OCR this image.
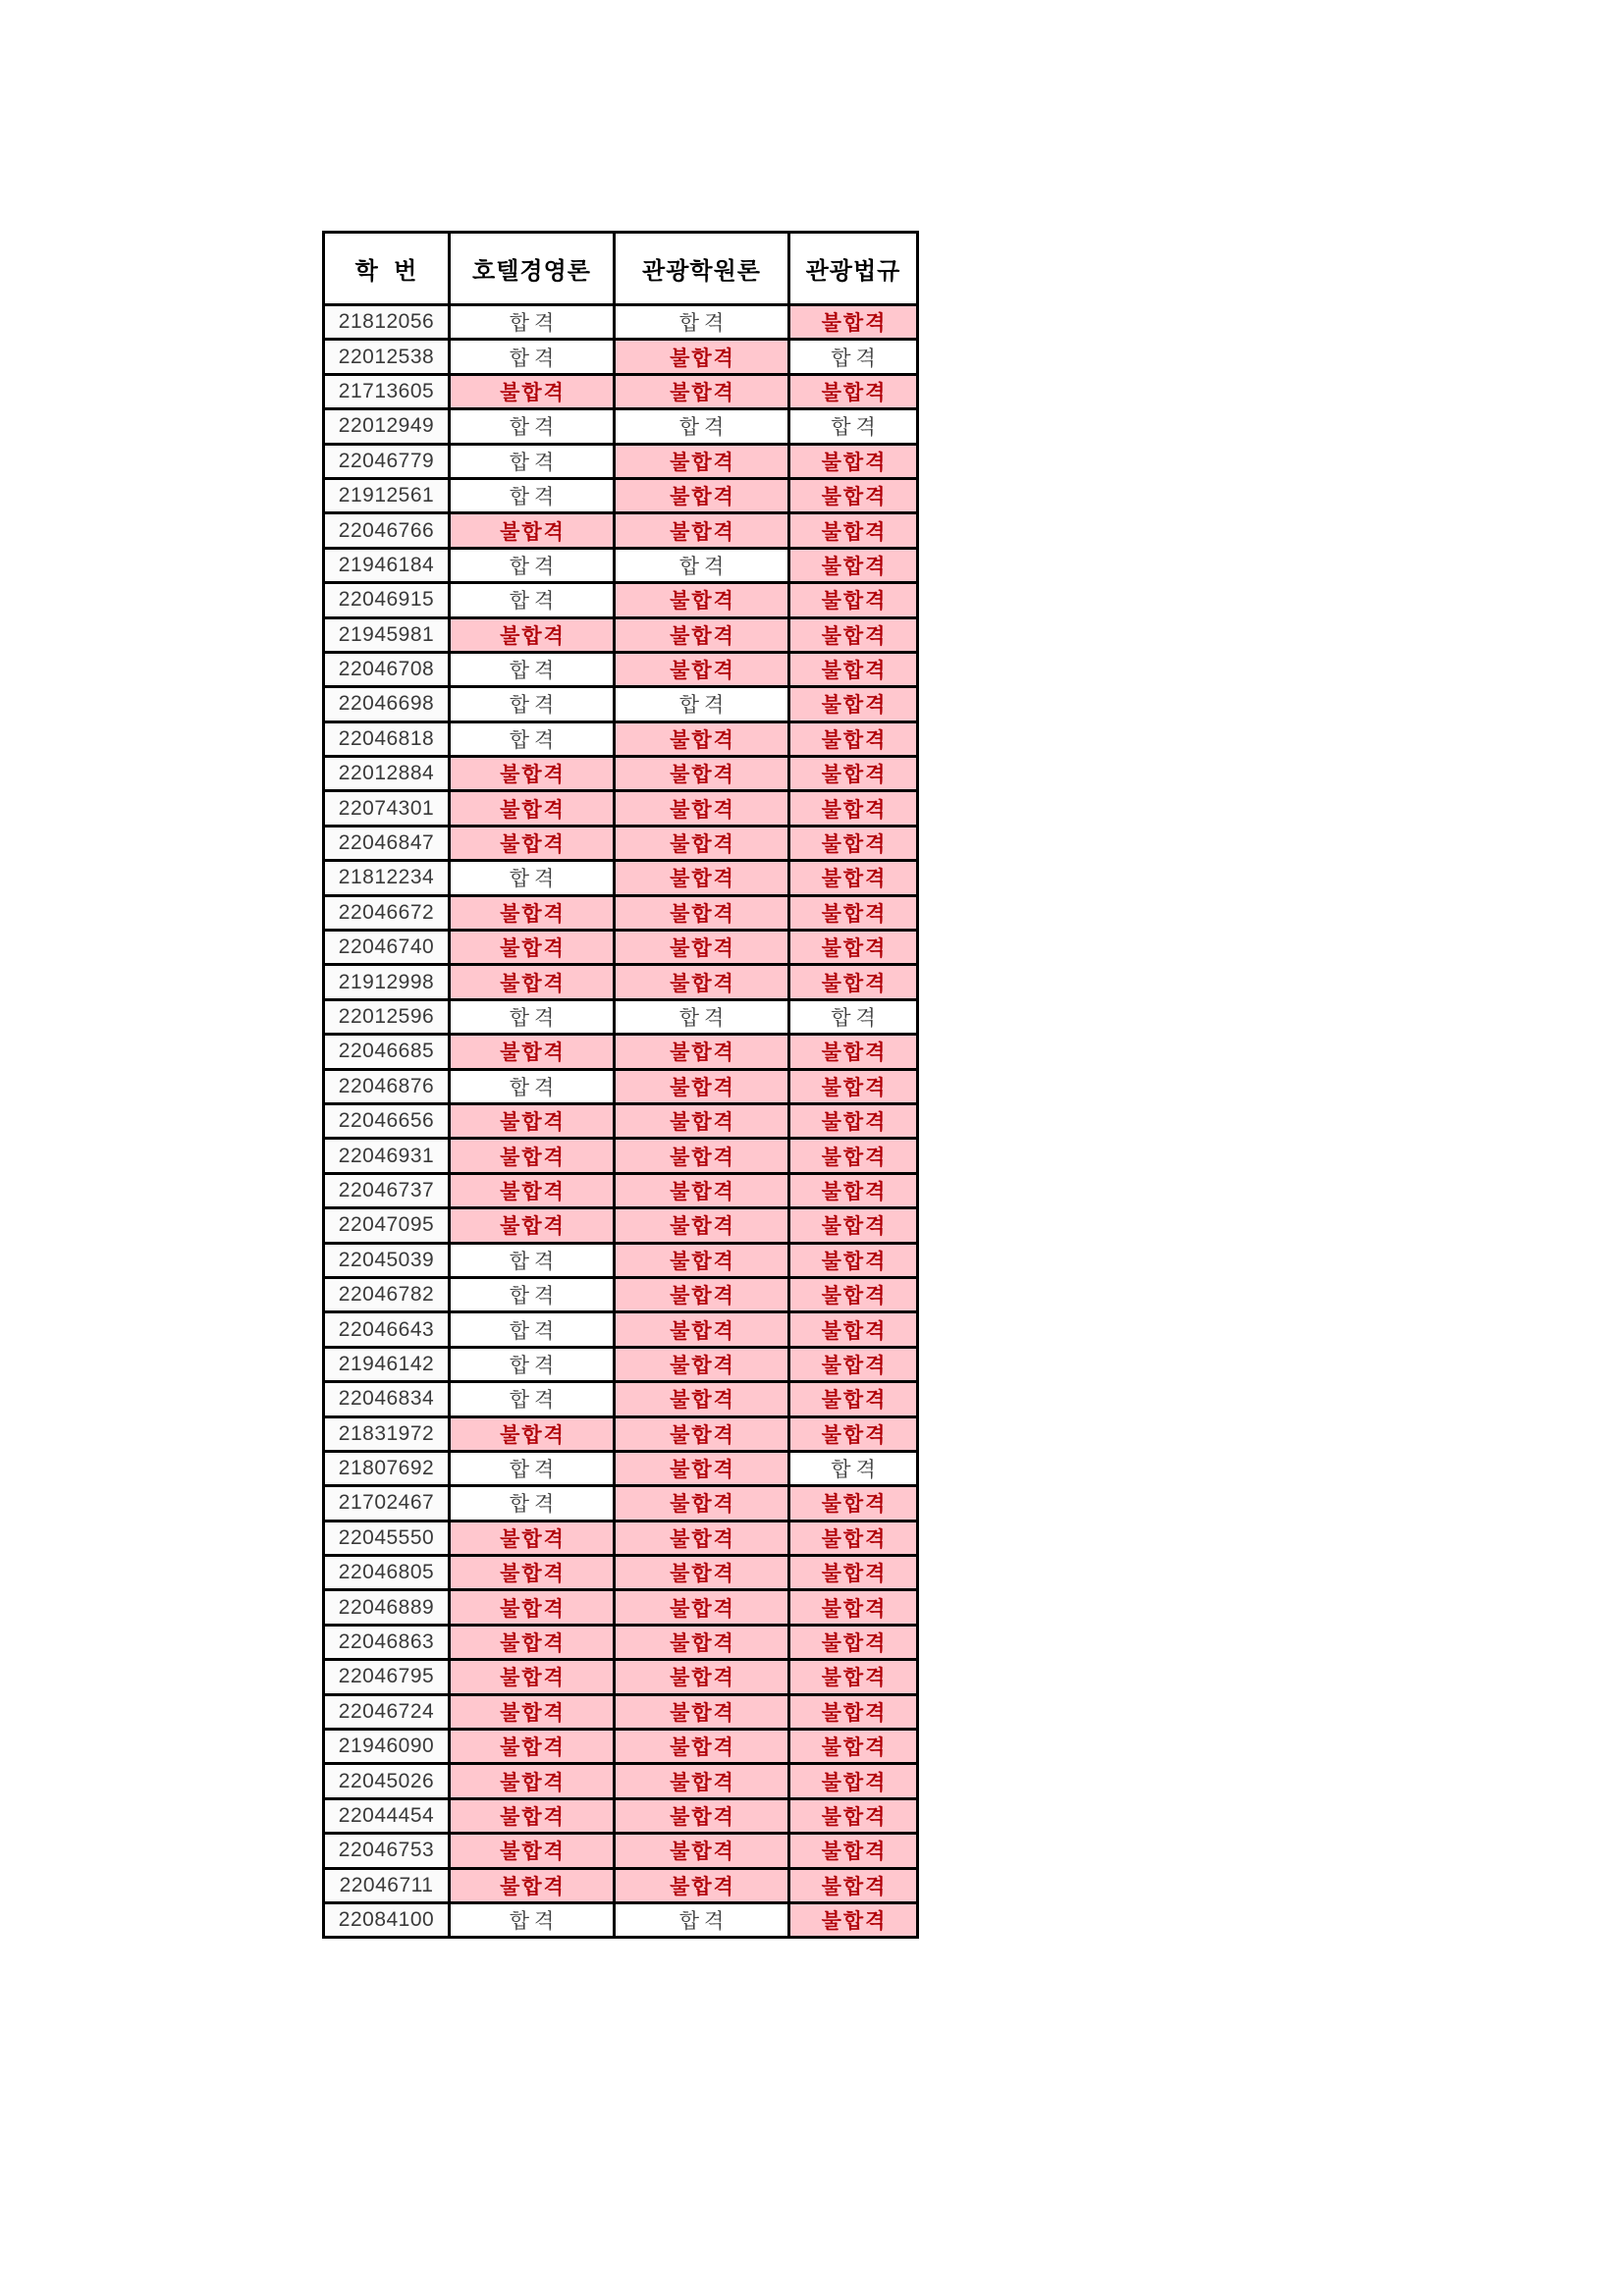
학  번	호텔경영론	관광학원론	관광법규
21812056	합격	합격	불합격
22012538	합격	불합격	합격
21713605	불합격	불합격	불합격
22012949	합격	합격	합격
22046779	합격	불합격	불합격
21912561	합격	불합격	불합격
22046766	불합격	불합격	불합격
21946184	합격	합격	불합격
22046915	합격	불합격	불합격
21945981	불합격	불합격	불합격
22046708	합격	불합격	불합격
22046698	합격	합격	불합격
22046818	합격	불합격	불합격
22012884	불합격	불합격	불합격
22074301	불합격	불합격	불합격
22046847	불합격	불합격	불합격
21812234	합격	불합격	불합격
22046672	불합격	불합격	불합격
22046740	불합격	불합격	불합격
21912998	불합격	불합격	불합격
22012596	합격	합격	합격
22046685	불합격	불합격	불합격
22046876	합격	불합격	불합격
22046656	불합격	불합격	불합격
22046931	불합격	불합격	불합격
22046737	불합격	불합격	불합격
22047095	불합격	불합격	불합격
22045039	합격	불합격	불합격
22046782	합격	불합격	불합격
22046643	합격	불합격	불합격
21946142	합격	불합격	불합격
22046834	합격	불합격	불합격
21831972	불합격	불합격	불합격
21807692	합격	불합격	합격
21702467	합격	불합격	불합격
22045550	불합격	불합격	불합격
22046805	불합격	불합격	불합격
22046889	불합격	불합격	불합격
22046863	불합격	불합격	불합격
22046795	불합격	불합격	불합격
22046724	불합격	불합격	불합격
21946090	불합격	불합격	불합격
22045026	불합격	불합격	불합격
22044454	불합격	불합격	불합격
22046753	불합격	불합격	불합격
22046711	불합격	불합격	불합격
22084100	합격	합격	불합격
